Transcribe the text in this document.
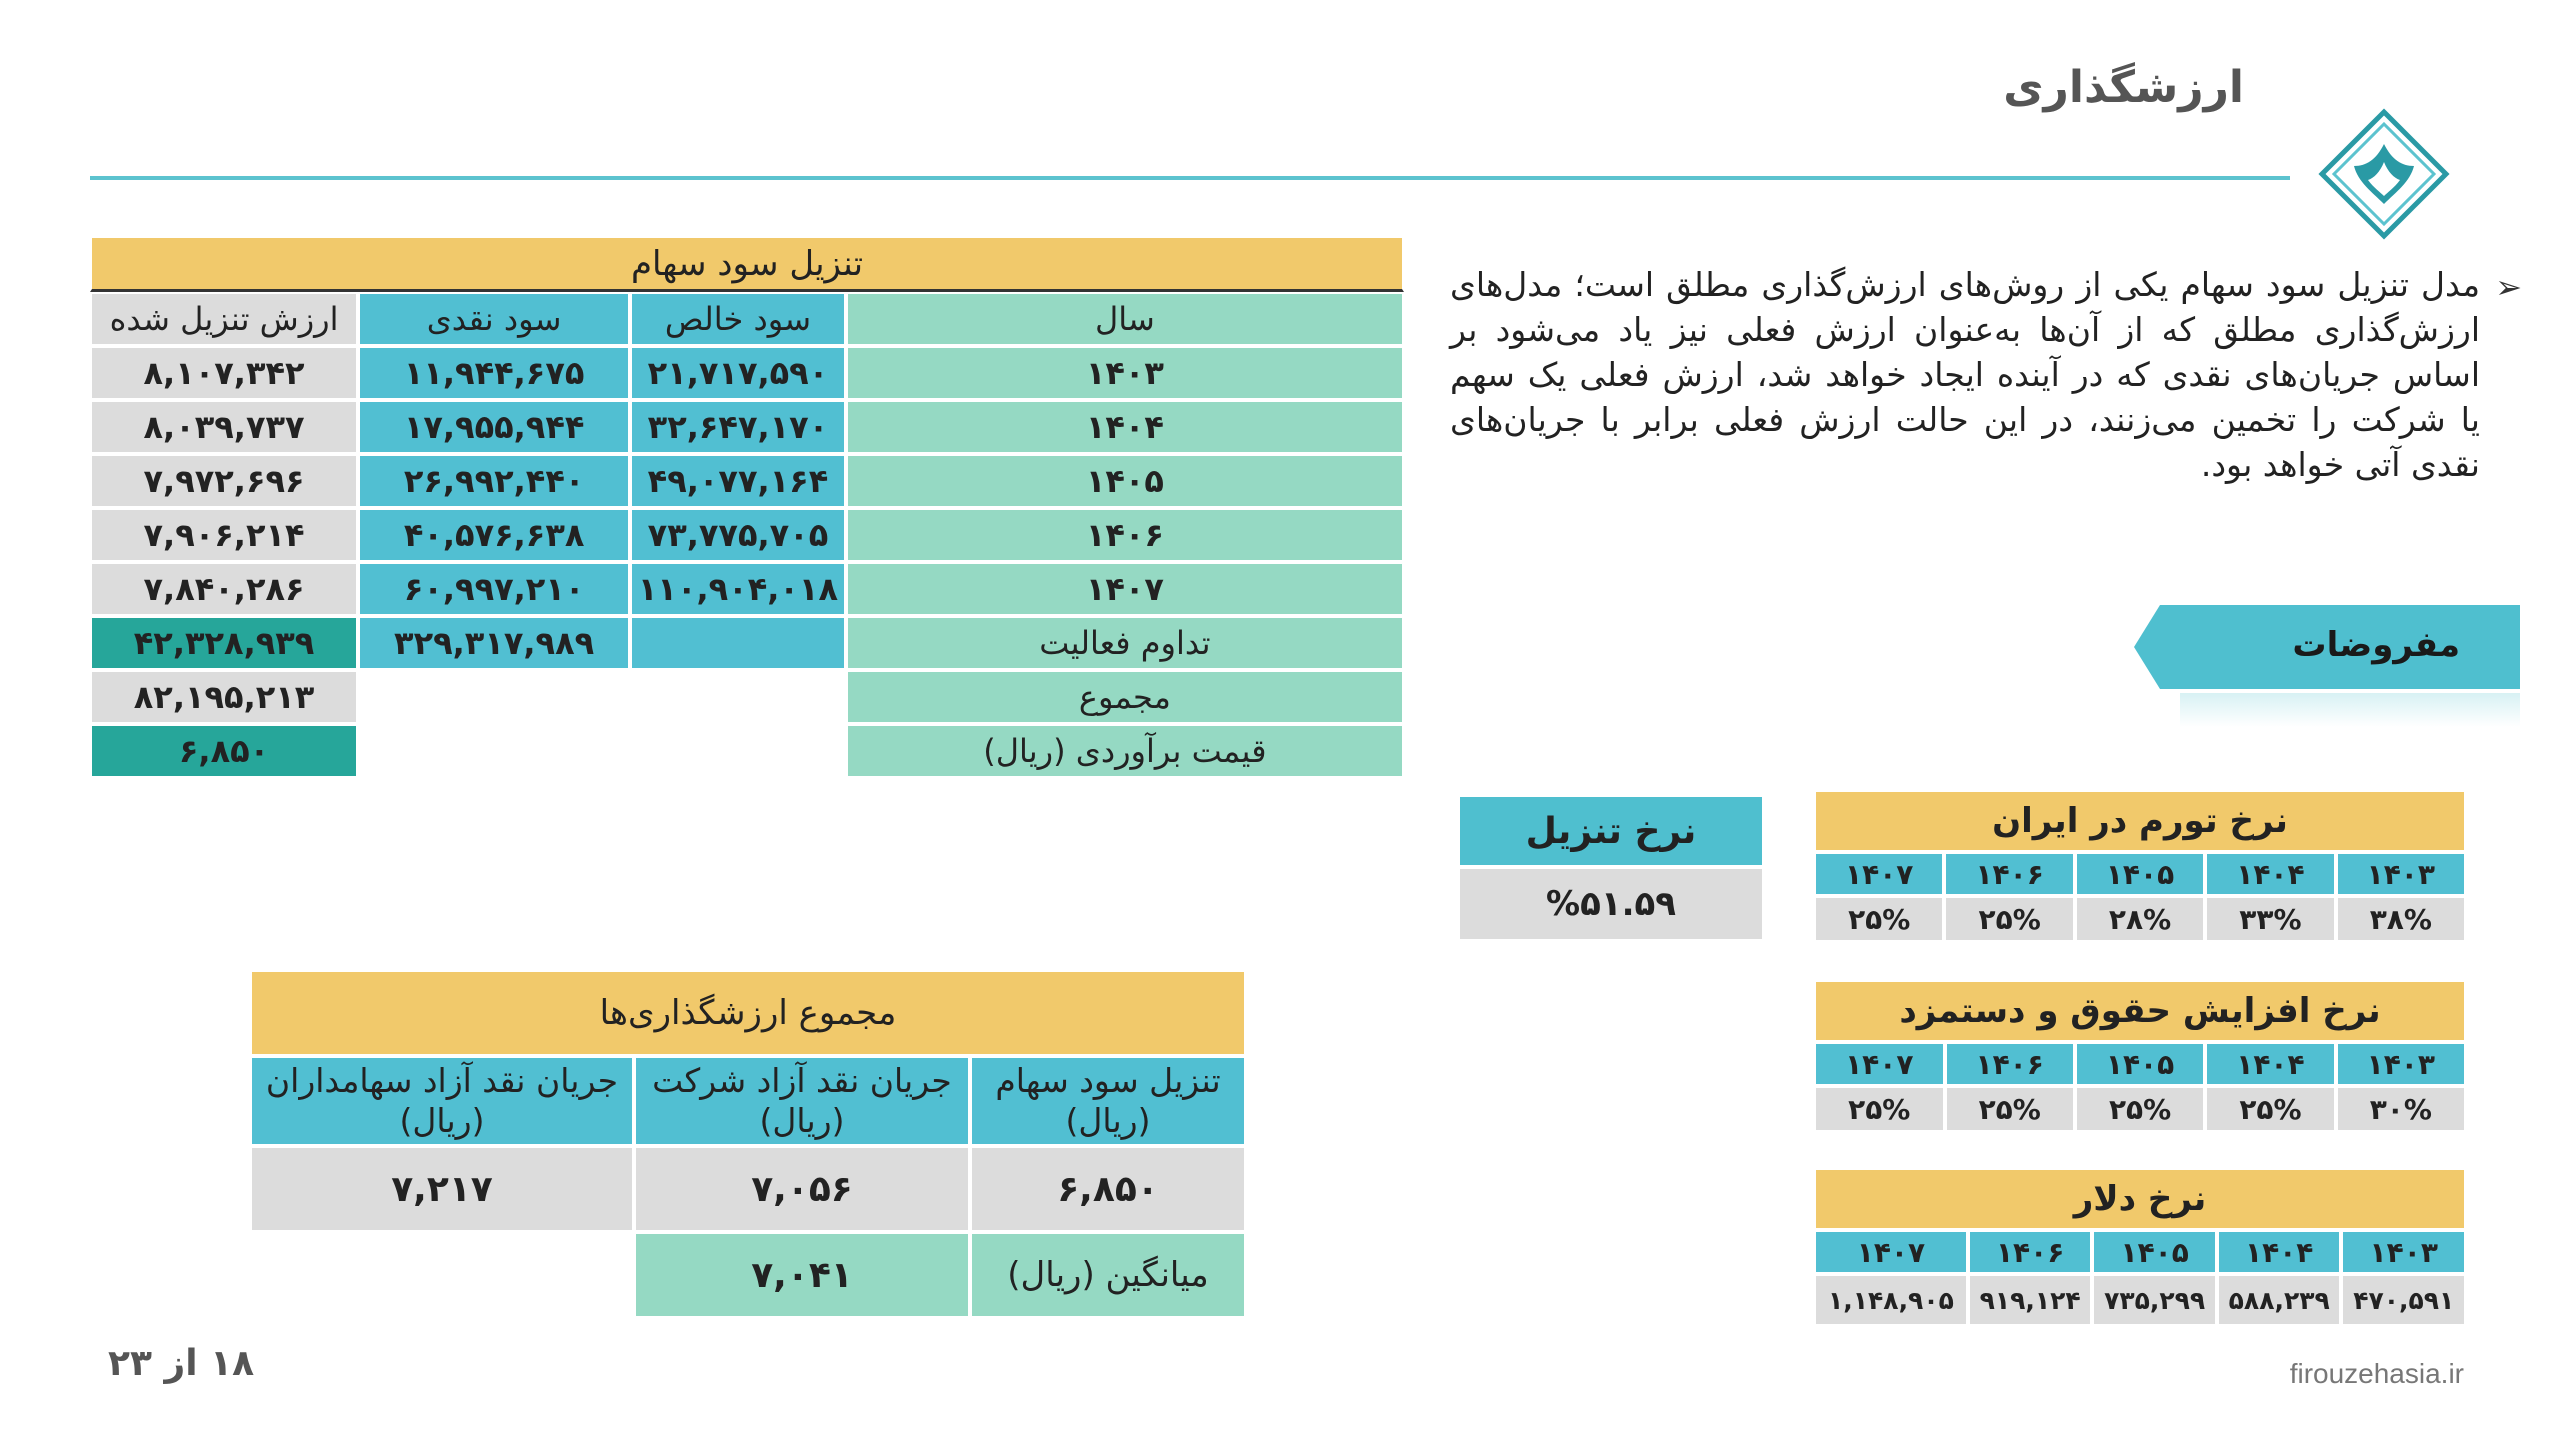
ارزشگذاری
➢

مدل تنزیل سود سهام یکی از روش‌های ارزش‌گذاری مطلق است؛ مدل‌های ارزش‌گذاری مطلق که از آن‌ها به‌عنوان ارزش فعلی نیز یاد می‌شود بر اساس جریان‌های نقدی که در آینده ایجاد خواهد شد، ارزش فعلی یک سهم یا شرکت را تخمین می‌زنند، در این حالت ارزش فعلی برابر با جریان‌های نقدی آتی خواهد بود.

مفروضات
تنزیل سود سهام			
سال	سود خالص	سود نقدی	ارزش تنزیل شده
۱۴۰۳	۲۱,۷۱۷,۵۹۰	۱۱,۹۴۴,۶۷۵	۸,۱۰۷,۳۴۲
۱۴۰۴	۳۲,۶۴۷,۱۷۰	۱۷,۹۵۵,۹۴۴	۸,۰۳۹,۷۳۷
۱۴۰۵	۴۹,۰۷۷,۱۶۴	۲۶,۹۹۲,۴۴۰	۷,۹۷۲,۶۹۶
۱۴۰۶	۷۳,۷۷۵,۷۰۵	۴۰,۵۷۶,۶۳۸	۷,۹۰۶,۲۱۴
۱۴۰۷	۱۱۰,۹۰۴,۰۱۸	۶۰,۹۹۷,۲۱۰	۷,۸۴۰,۲۸۶
تداوم فعالیت		۳۲۹,۳۱۷,۹۸۹	۴۲,۳۲۸,۹۳۹
مجموع			۸۲,۱۹۵,۲۱۳
قیمت برآوردی (ریال)			۶,۸۵۰
مجموع ارزشگذاری‌ها		
تنزیل سود سهام (ریال)	جریان نقد آزاد شرکت (ریال)	جریان نقد آزاد سهامداران (ریال)
۶,۸۵۰	۷,۰۵۶	۷,۲۱۷
میانگین (ریال)	۷,۰۴۱	
نرخ تنزیل
%۵۱.۵۹
نرخ تورم در ایران				
۱۴۰۳	۱۴۰۴	۱۴۰۵	۱۴۰۶	۱۴۰۷
۳۸%	۳۳%	۲۸%	۲۵%	۲۵%
نرخ افزایش حقوق و دستمزد				
۱۴۰۳	۱۴۰۴	۱۴۰۵	۱۴۰۶	۱۴۰۷
۳۰%	۲۵%	۲۵%	۲۵%	۲۵%
نرخ دلار				
۱۴۰۳	۱۴۰۴	۱۴۰۵	۱۴۰۶	۱۴۰۷
۴۷۰,۵۹۱	۵۸۸,۲۳۹	۷۳۵,۲۹۹	۹۱۹,۱۲۴	۱,۱۴۸,۹۰۵
۱۸ از ۲۳	firouzehasia.ir
